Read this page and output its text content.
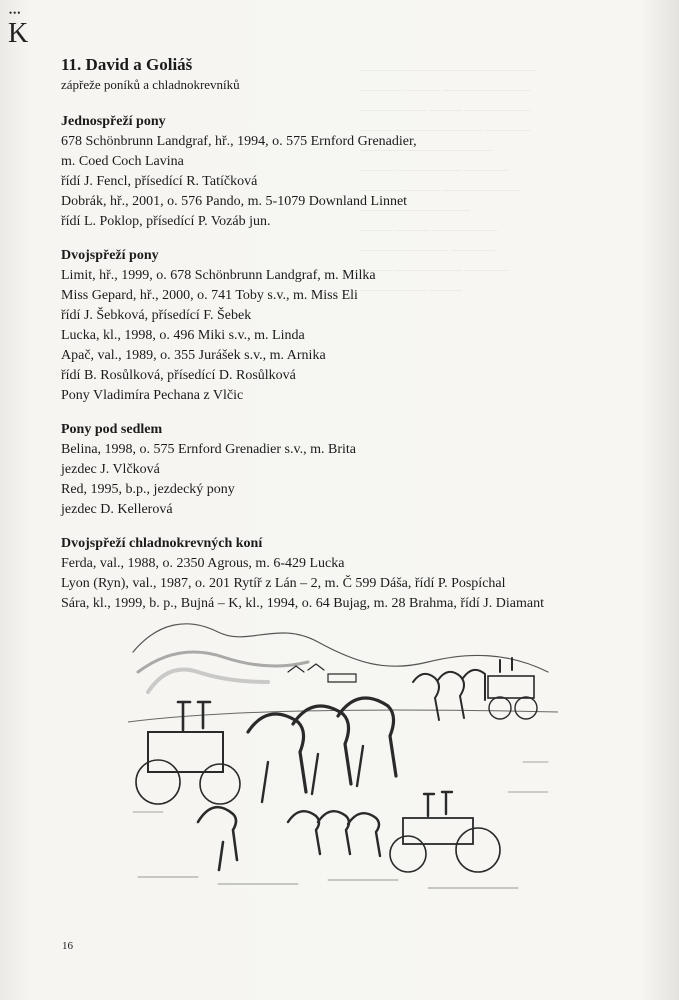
————————————————
———— ——— ————————
—————— ——— ——————
——— ———————— ————
————————————
——— —————— ————
———— ——— ———————
——————————
——— ——— ——————
———————— ————
——— —————— ————
—————— ———
•••
K
11. David a Goliáš

zápřeže poníků a chladnokrevníků

Jednospřeží pony
678 Schönbrunn Landgraf, hř., 1994, o. 575 Ernford Grenadier,
m. Coed Coch Lavina
řídí J. Fencl, přísedící R. Tatíčková
Dobrák, hř., 2001, o. 576 Pando, m. 5-1079 Downland Linnet
řídí L. Poklop, přísedící P. Vozáb jun.
Dvojspřeží pony
Limit, hř., 1999, o. 678 Schönbrunn Landgraf, m. Milka
Miss Gepard, hř., 2000, o. 741 Toby s.v., m. Miss Eli
řídí J. Šebková, přísedící F. Šebek
Lucka, kl., 1998, o. 496 Miki s.v., m. Linda
Apač, val., 1989, o. 355 Jurášek s.v., m. Arnika
řídí B. Rosůlková, přísedící D. Rosůlková
Pony Vladimíra Pechana z Vlčic
Pony pod sedlem
Belina, 1998, o. 575 Ernford Grenadier s.v., m. Brita
jezdec J. Vlčková
Red, 1995, b.p., jezdecký pony
jezdec D. Kellerová
Dvojspřeží chladnokrevných koní
Ferda, val., 1988, o. 2350 Agrous, m. 6-429 Lucka
Lyon (Ryn), val., 1987, o. 201 Rytíř z Lán – 2, m. Č 599 Dáša, řídí P. Pospíchal
Sára, kl., 1999, b. p., Bujná – K, kl., 1994, o. 64 Bujag, m. 28 Brahma, řídí J. Diamant
16
